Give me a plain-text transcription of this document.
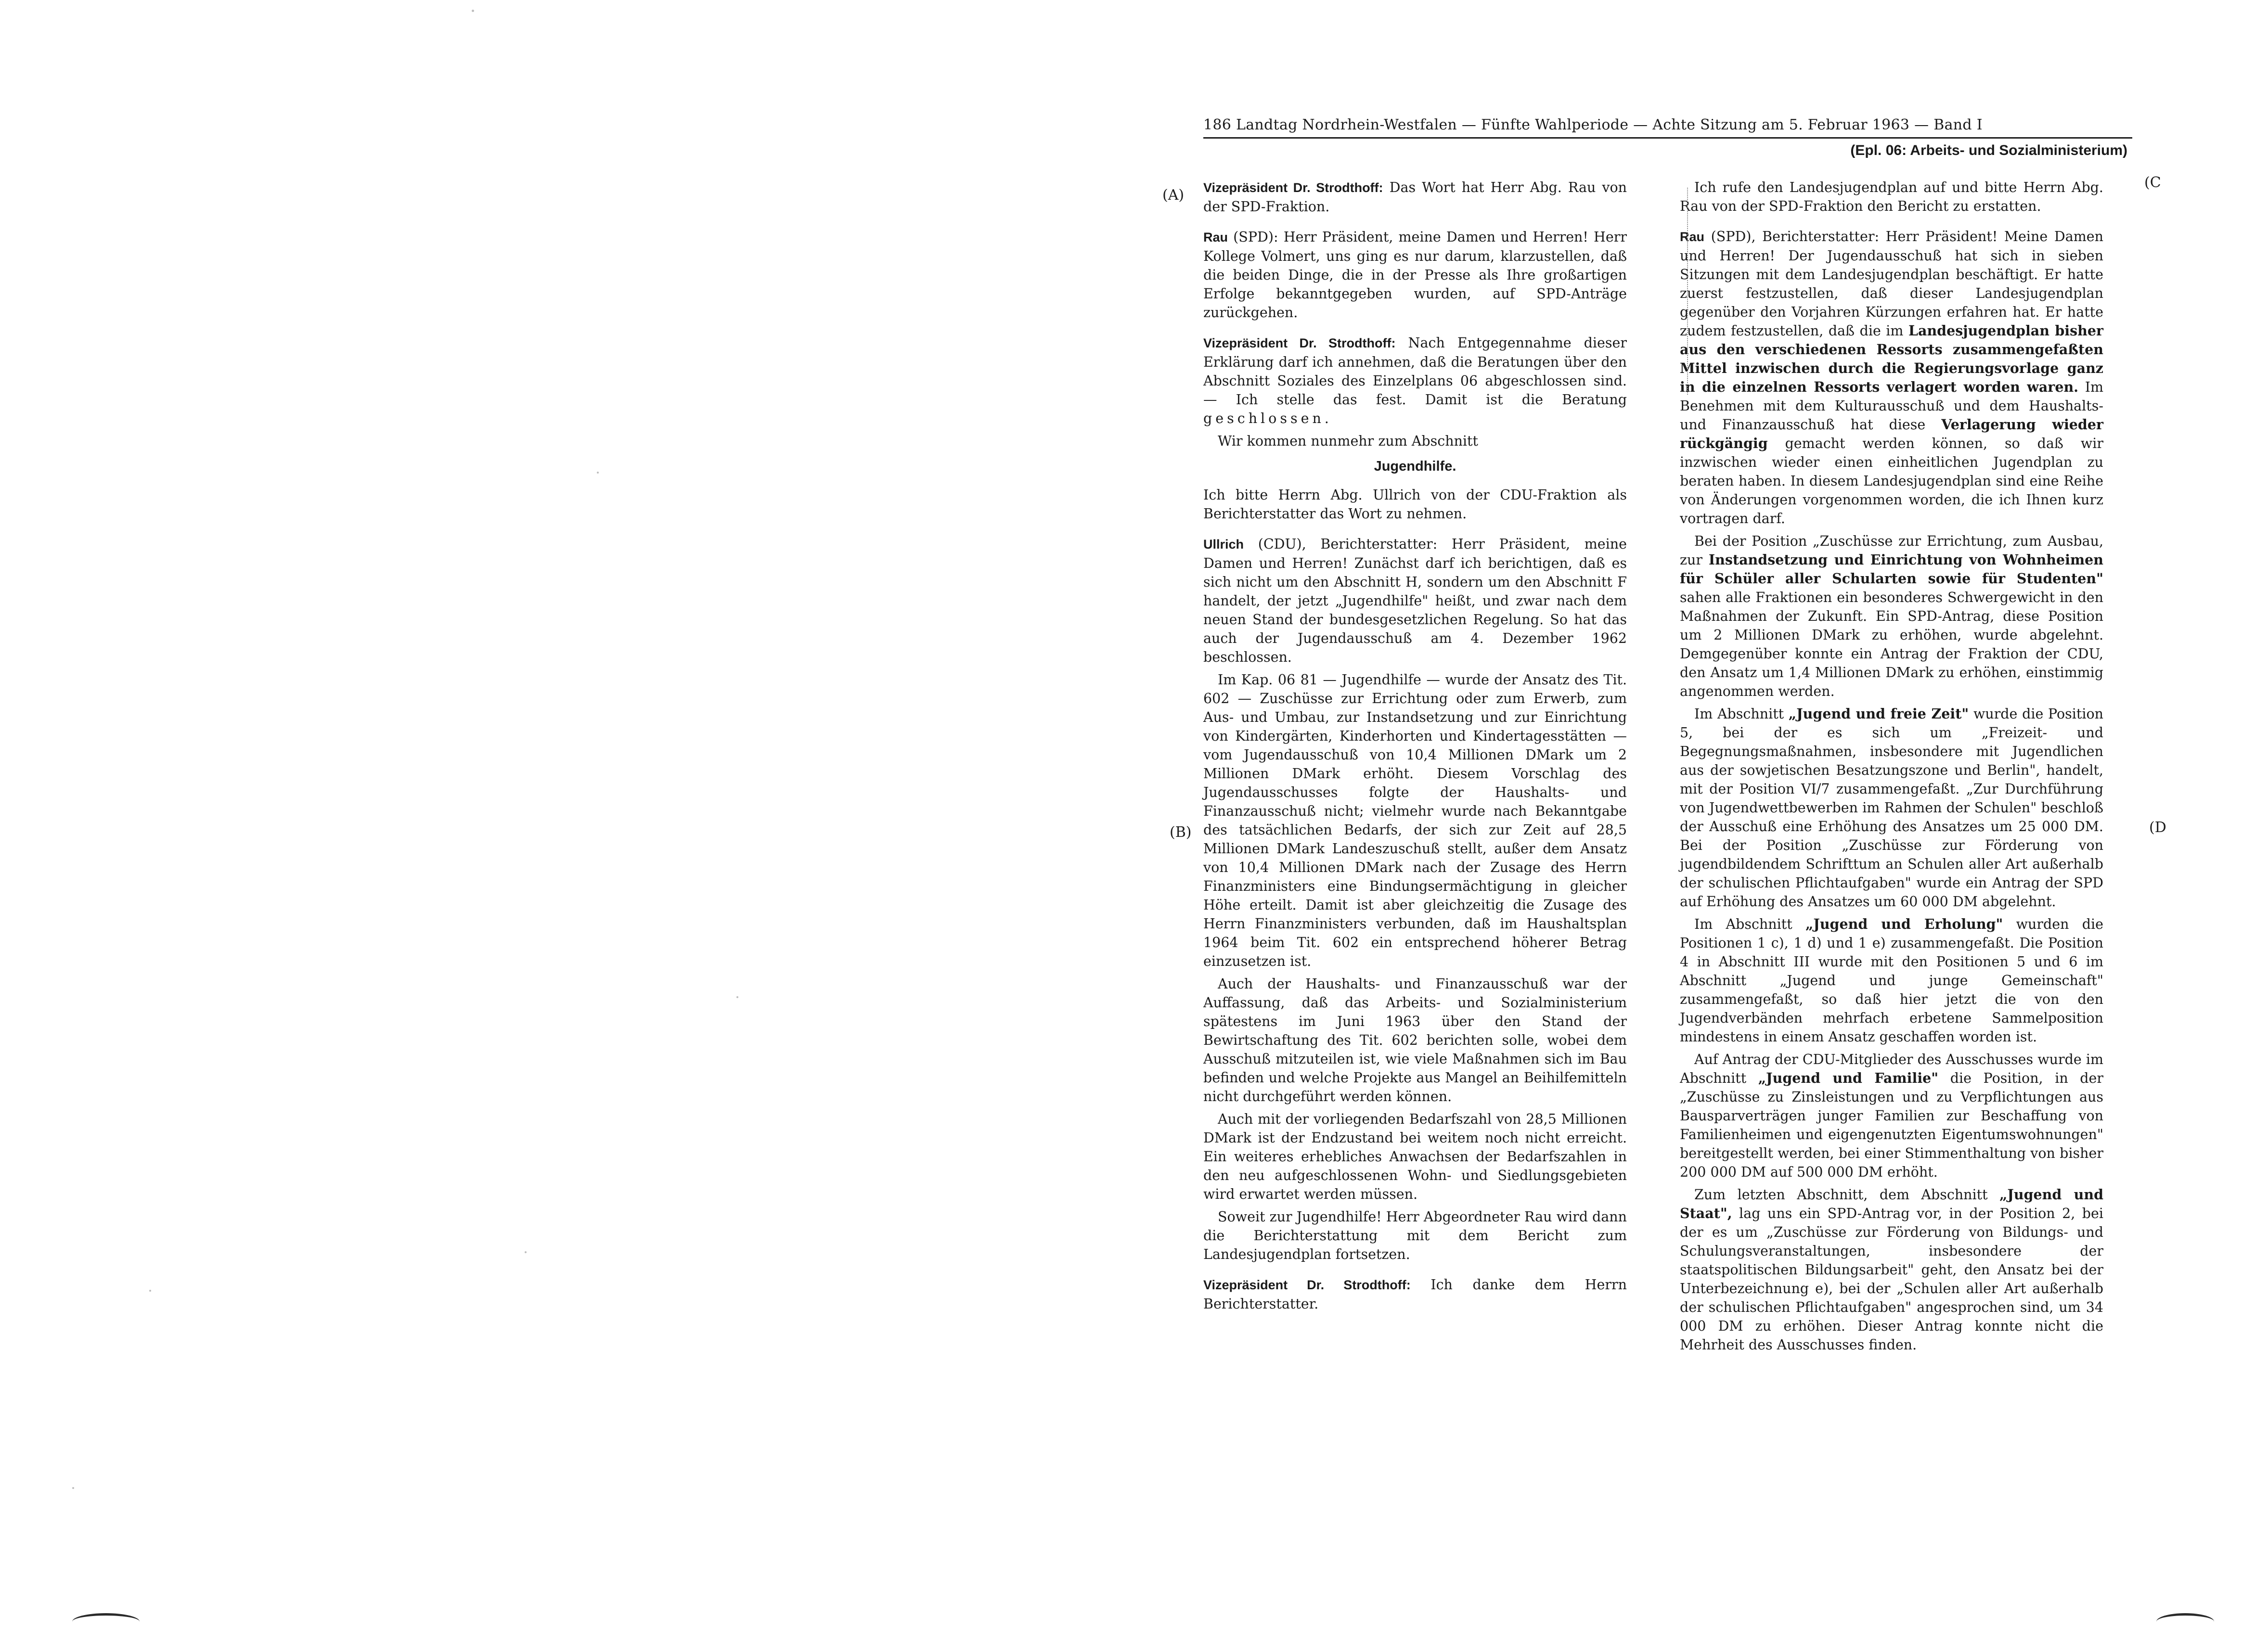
186 Landtag Nordrhein-Westfalen — Fünfte Wahlperiode — Achte Sitzung am 5. Februar 1963 — Band I
(Epl. 06: Arbeits- und Sozialministerium)

Vizepräsident Dr. Strodthoff: Das Wort hat Herr Abg. Rau von der SPD-Fraktion.

Rau (SPD): Herr Präsident, meine Damen und Herren! Herr Kollege Volmert, uns ging es nur darum, klarzustellen, daß die beiden Dinge, die in der Presse als Ihre großartigen Erfolge bekanntgegeben wurden, auf SPD-Anträge zurückgehen.

Vizepräsident Dr. Strodthoff: Nach Entgegennahme dieser Erklärung darf ich annehmen, daß die Beratungen über den Abschnitt Soziales des Einzelplans 06 abgeschlossen sind. — Ich stelle das fest. Damit ist die Beratung geschlossen.

Wir kommen nunmehr zum Abschnitt

Jugendhilfe.

Ich bitte Herrn Abg. Ullrich von der CDU-Fraktion als Berichterstatter das Wort zu nehmen.

Ullrich (CDU), Berichterstatter: Herr Präsident, meine Damen und Herren! Zunächst darf ich berichtigen, daß es sich nicht um den Abschnitt H, sondern um den Abschnitt F handelt, der jetzt „Jugendhilfe" heißt, und zwar nach dem neuen Stand der bundesgesetzlichen Regelung. So hat das auch der Jugendausschuß am 4. Dezember 1962 beschlossen.

Im Kap. 06 81 — Jugendhilfe — wurde der Ansatz des Tit. 602 — Zuschüsse zur Errichtung oder zum Erwerb, zum Aus- und Umbau, zur Instandsetzung und zur Einrichtung von Kindergärten, Kinderhorten und Kindertagesstätten — vom Jugendausschuß von 10,4 Millionen DMark um 2 Millionen DMark erhöht. Diesem Vorschlag des Jugendausschusses folgte der Haushalts- und Finanzausschuß nicht; vielmehr wurde nach Bekanntgabe des tatsächlichen Bedarfs, der sich zur Zeit auf 28,5 Millionen DMark Landeszuschuß stellt, außer dem Ansatz von 10,4 Millionen DMark nach der Zusage des Herrn Finanzministers eine Bindungsermächtigung in gleicher Höhe erteilt. Damit ist aber gleichzeitig die Zusage des Herrn Finanzministers verbunden, daß im Haushaltsplan 1964 beim Tit. 602 ein entsprechend höherer Betrag einzusetzen ist.

Auch der Haushalts- und Finanzausschuß war der Auffassung, daß das Arbeits- und Sozialministerium spätestens im Juni 1963 über den Stand der Bewirtschaftung des Tit. 602 berichten solle, wobei dem Ausschuß mitzuteilen ist, wie viele Maßnahmen sich im Bau befinden und welche Projekte aus Mangel an Beihilfemitteln nicht durchgeführt werden können.

Auch mit der vorliegenden Bedarfszahl von 28,5 Millionen DMark ist der Endzustand bei weitem noch nicht erreicht. Ein weiteres erhebliches Anwachsen der Bedarfszahlen in den neu aufgeschlossenen Wohn- und Siedlungsgebieten wird erwartet werden müssen.

Soweit zur Jugendhilfe! Herr Abgeordneter Rau wird dann die Berichterstattung mit dem Bericht zum Landesjugendplan fortsetzen.

Vizepräsident Dr. Strodthoff: Ich danke dem Herrn Berichterstatter.

Ich rufe den Landesjugendplan auf und bitte Herrn Abg. Rau von der SPD-Fraktion den Bericht zu erstatten.

Rau (SPD), Berichterstatter: Herr Präsident! Meine Damen und Herren! Der Jugendausschuß hat sich in sieben Sitzungen mit dem Landesjugendplan beschäftigt. Er hatte zuerst festzustellen, daß dieser Landesjugendplan gegenüber den Vorjahren Kürzungen erfahren hat. Er hatte zudem festzustellen, daß die im Landesjugendplan bisher aus den verschiedenen Ressorts zusammengefaßten Mittel inzwischen durch die Regierungsvorlage ganz in die einzelnen Ressorts verlagert worden waren. Im Benehmen mit dem Kulturausschuß und dem Haushalts- und Finanzausschuß hat diese Verlagerung wieder rückgängig gemacht werden können, so daß wir inzwischen wieder einen einheitlichen Jugendplan zu beraten haben. In diesem Landesjugendplan sind eine Reihe von Änderungen vorgenommen worden, die ich Ihnen kurz vortragen darf.

Bei der Position „Zuschüsse zur Errichtung, zum Ausbau, zur Instandsetzung und Einrichtung von Wohnheimen für Schüler aller Schularten sowie für Studenten" sahen alle Fraktionen ein besonderes Schwergewicht in den Maßnahmen der Zukunft. Ein SPD-Antrag, diese Position um 2 Millionen DMark zu erhöhen, wurde abgelehnt. Demgegenüber konnte ein Antrag der Fraktion der CDU, den Ansatz um 1,4 Millionen DMark zu erhöhen, einstimmig angenommen werden.

Im Abschnitt „Jugend und freie Zeit" wurde die Position 5, bei der es sich um „Freizeit- und Begegnungsmaßnahmen, insbesondere mit Jugendlichen aus der sowjetischen Besatzungszone und Berlin", handelt, mit der Position VI/7 zusammengefaßt. „Zur Durchführung von Jugendwettbewerben im Rahmen der Schulen" beschloß der Ausschuß eine Erhöhung des Ansatzes um 25 000 DM. Bei der Position „Zuschüsse zur Förderung von jugendbildendem Schrifttum an Schulen aller Art außerhalb der schulischen Pflichtaufgaben" wurde ein Antrag der SPD auf Erhöhung des Ansatzes um 60 000 DM abgelehnt.

Im Abschnitt „Jugend und Erholung" wurden die Positionen 1 c), 1 d) und 1 e) zusammengefaßt. Die Position 4 in Abschnitt III wurde mit den Positionen 5 und 6 im Abschnitt „Jugend und junge Gemeinschaft" zusammengefaßt, so daß hier jetzt die von den Jugendverbänden mehrfach erbetene Sammelposition mindestens in einem Ansatz geschaffen worden ist.

Auf Antrag der CDU-Mitglieder des Ausschusses wurde im Abschnitt „Jugend und Familie" die Position, in der „Zuschüsse zu Zinsleistungen und zu Verpflichtungen aus Bausparverträgen junger Familien zur Beschaffung von Familienheimen und eigengenutzten Eigentumswohnungen" bereitgestellt werden, bei einer Stimmenthaltung von bisher 200 000 DM auf 500 000 DM erhöht.

Zum letzten Abschnitt, dem Abschnitt „Jugend und Staat", lag uns ein SPD-Antrag vor, in der Position 2, bei der es um „Zuschüsse zur Förderung von Bildungs- und Schulungsveranstaltungen, insbesondere der staatspolitischen Bildungsarbeit" geht, den Ansatz bei der Unterbezeichnung e), bei der „Schulen aller Art außerhalb der schulischen Pflichtaufgaben" angesprochen sind, um 34 000 DM zu erhöhen. Dieser Antrag konnte nicht die Mehrheit des Ausschusses finden.

(A)
(B)
(C
(D
